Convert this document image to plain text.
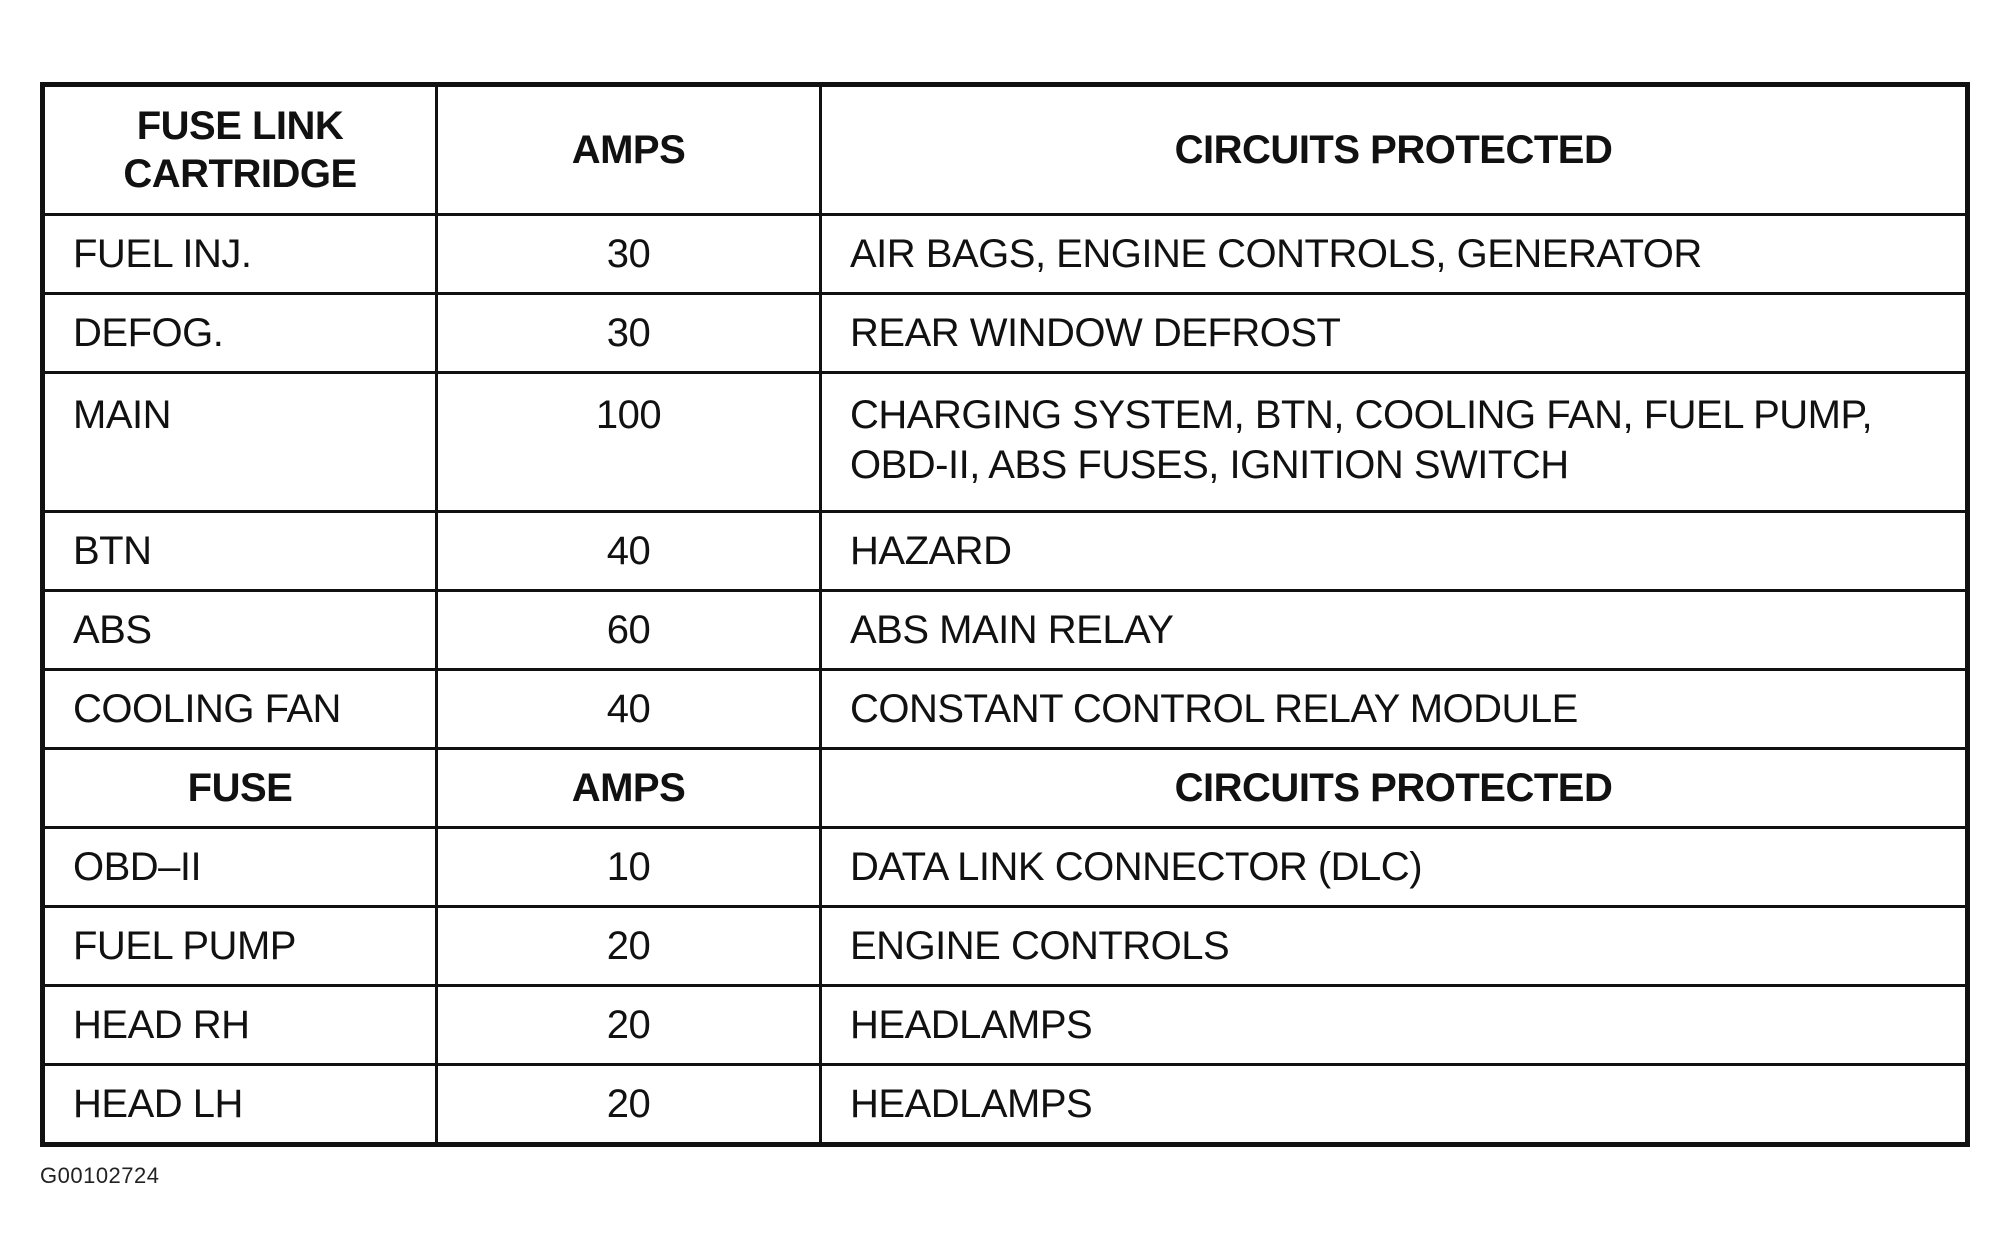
FUSE LINK
CARTRIDGE	AMPS	CIRCUITS PROTECTED
FUEL INJ.	30	AIR BAGS, ENGINE CONTROLS, GENERATOR
DEFOG.	30	REAR WINDOW DEFROST
MAIN	100	CHARGING SYSTEM, BTN, COOLING FAN, FUEL PUMP,
OBD-II, ABS FUSES, IGNITION SWITCH
BTN	40	HAZARD
ABS	60	ABS MAIN RELAY
COOLING FAN	40	CONSTANT CONTROL RELAY MODULE
FUSE	AMPS	CIRCUITS PROTECTED
OBD–II	10	DATA LINK CONNECTOR (DLC)
FUEL PUMP	20	ENGINE CONTROLS
HEAD RH	20	HEADLAMPS
HEAD LH	20	HEADLAMPS
G00102724
